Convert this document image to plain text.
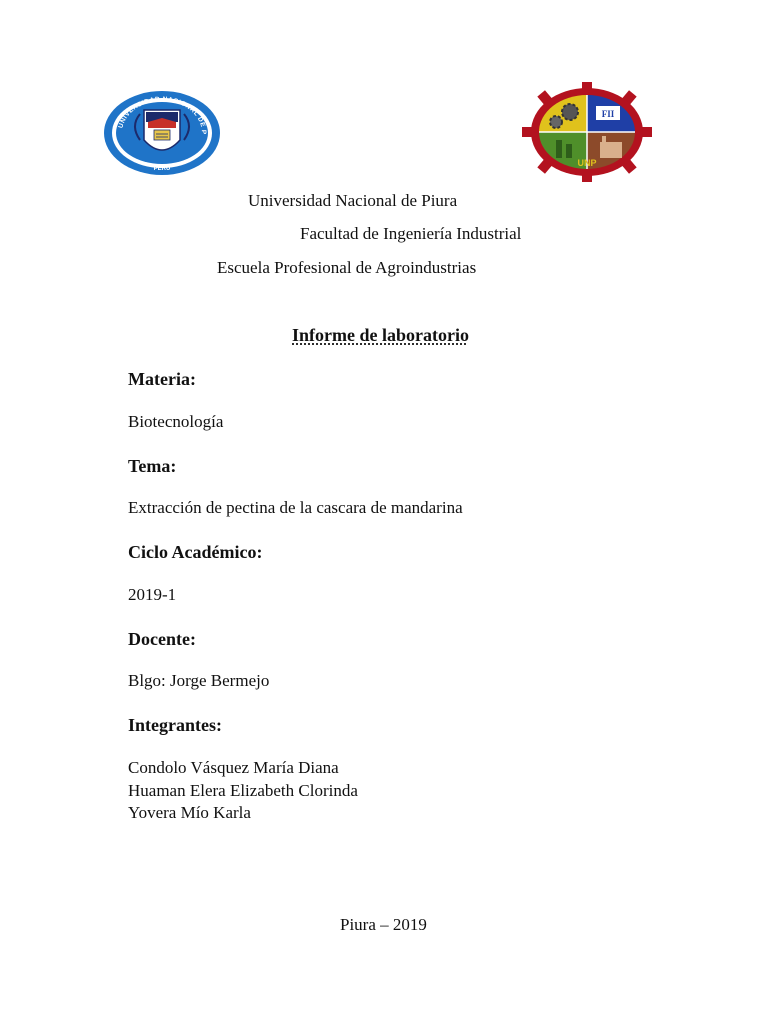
UNIVERSIDAD NACIONAL DE P
PERÚ
FII
UNP
Universidad Nacional de Piura
Facultad de Ingeniería Industrial
Escuela Profesional de Agroindustrias
Informe de laboratorio
Materia:
Biotecnología
Tema:
Extracción de pectina de la cascara de mandarina
Ciclo Académico:
2019-1
Docente:
Blgo: Jorge Bermejo
Integrantes:
Condolo Vásquez María Diana
Huaman Elera Elizabeth Clorinda
Yovera Mío Karla
Piura – 2019
